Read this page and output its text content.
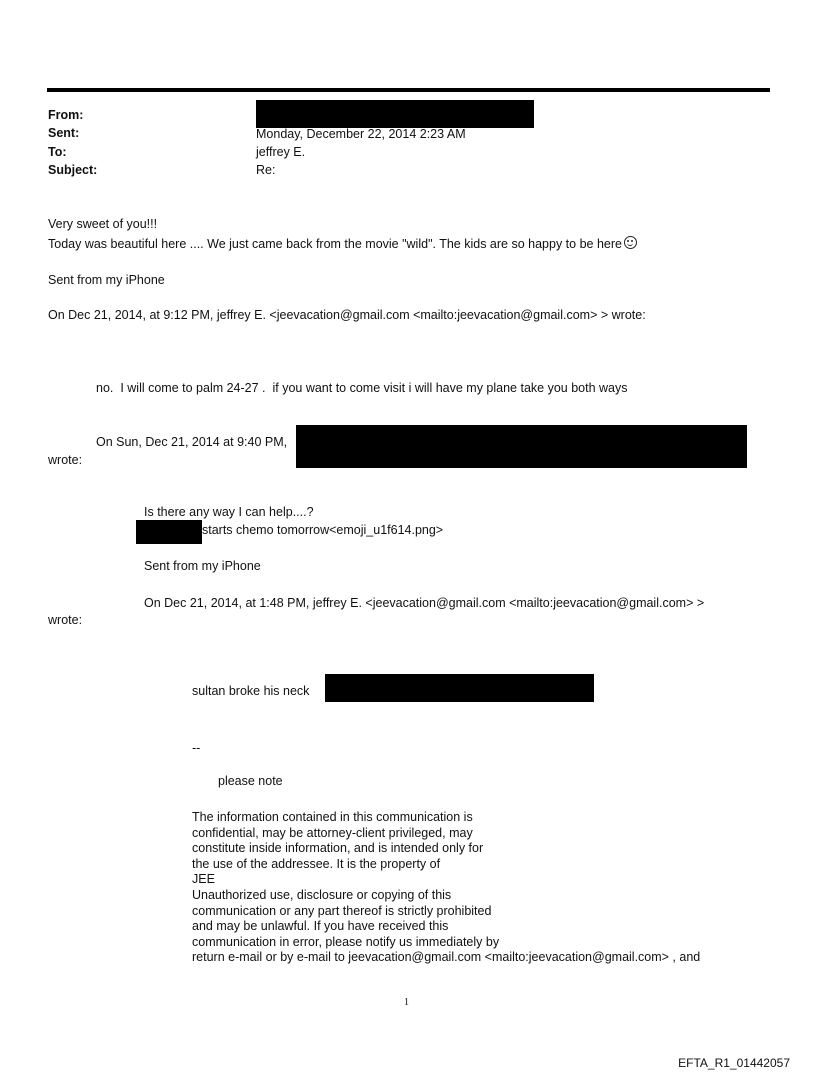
From:
Sent:
To:
Subject:
Monday, December 22, 2014 2:23 AM
jeffrey E.
Re:
Very sweet of you!!!
Today was beautiful here .... We just came back from the movie "wild". The kids are so happy to be here
Sent from my iPhone
On Dec 21, 2014, at 9:12 PM, jeffrey E. <jeevacation@gmail.com <mailto:jeevacation@gmail.com> > wrote:
no.  I will come to palm 24-27 .  if you want to come visit i will have my plane take you both ways
On Sun, Dec 21, 2014 at 9:40 PM,
wrote:
Is there any way I can help....?
starts chemo tomorrow<emoji_u1f614.png>
Sent from my iPhone
On Dec 21, 2014, at 1:48 PM, jeffrey E. <jeevacation@gmail.com <mailto:jeevacation@gmail.com> >
wrote:
sultan broke his neck
--
please note
The information contained in this communication is
confidential, may be attorney-client privileged, may
constitute inside information, and is intended only for
the use of the addressee. It is the property of
JEE
Unauthorized use, disclosure or copying of this
communication or any part thereof is strictly prohibited
and may be unlawful. If you have received this
communication in error, please notify us immediately by
return e-mail or by e-mail to jeevacation@gmail.com <mailto:jeevacation@gmail.com> , and
1
EFTA_R1_01442057
